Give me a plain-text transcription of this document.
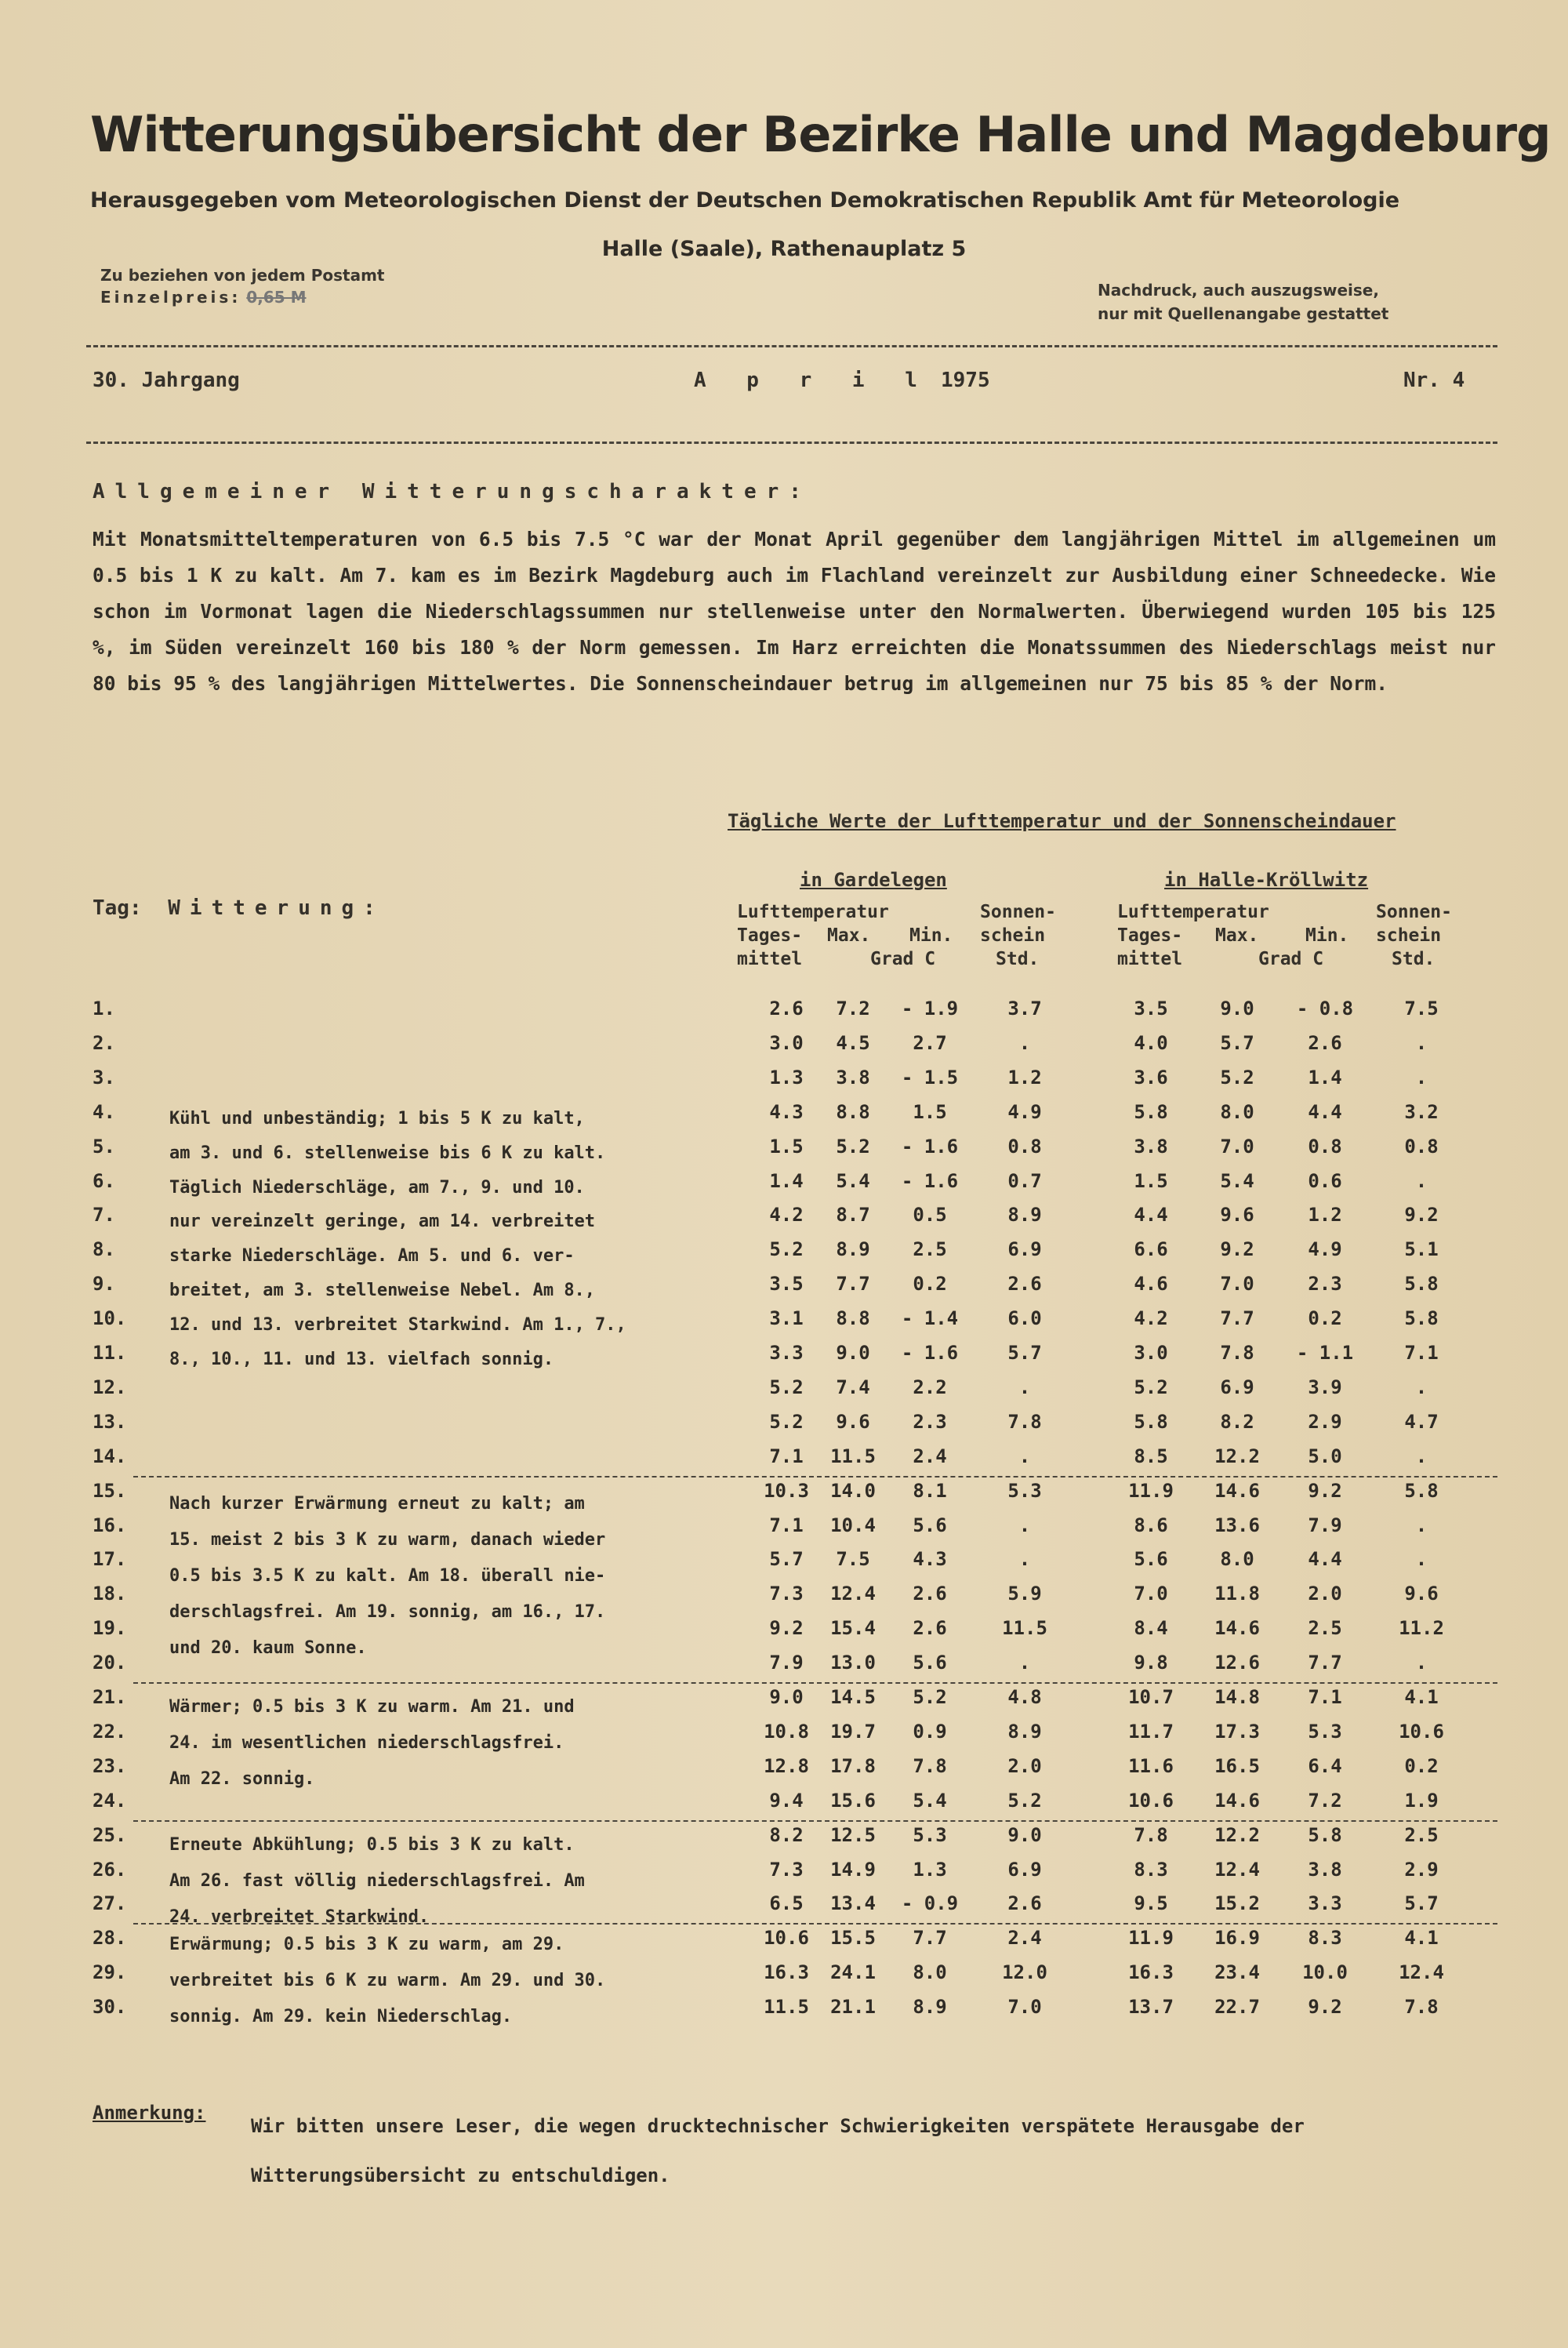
Witterungsübersicht der Bezirke Halle und Magdeburg
Herausgegeben vom Meteorologischen Dienst der Deutschen Demokratischen Republik Amt für Meteorologie
Halle (Saale), Rathenauplatz 5
Zu beziehen von jedem Postamt
Einzelpreis: 0,65 M	Nachdruck, auch auszugsweise,
nur mit Quellenangabe gestattet
30. Jahrgang	A p r i l 1975	Nr. 4
Allgemeiner Witterungscharakter:
Mit Monatsmitteltemperaturen von 6.5 bis 7.5 °C war der Monat April gegenüber dem langjährigen Mittel im allgemeinen um 0.5 bis 1 K zu kalt. Am 7. kam es im Bezirk Magdeburg auch im Flachland vereinzelt zur Ausbildung einer Schneedecke. Wie schon im Vormonat lagen die Niederschlagssummen nur stellenweise unter den Normalwerten. Überwiegend wurden 105 bis 125 %, im Süden vereinzelt 160 bis 180 % der Norm gemessen. Im Harz erreichten die Monatssummen des Niederschlags meist nur 80 bis 95 % des langjährigen Mittelwertes. Die Sonnenscheindauer betrug im allgemeinen nur 75 bis 85 % der Norm.
Tägliche Werte der Lufttemperatur und der Sonnenscheindauer
in Gardelegen	in Halle-Kröllwitz
Tag: Witterung:	Lufttemperatur	Sonnen-
Tages- Max. Min. schein
mittel	Grad C	Std.
Lufttemperatur	Sonnen-
Tages- Max.	Min. schein
mittel	Grad C	Std.
1.	2.6	7.2	- 1.9	3.7	3.5	9.0	- 0.8	7.5
2.	3.0	4.5	2.7	.	4.0	5.7	2.6	.
3.	1.3	3.8	- 1.5	1.2	3.6	5.2	1.4	.
4.	4.3	8.8	1.5	4.9	5.8	8.0	4.4	3.2
5.	1.5	5.2	- 1.6	0.8	3.8	7.0	0.8	0.8
6.	1.4	5.4	- 1.6	0.7	1.5	5.4	0.6	.
7.	4.2	8.7	0.5	8.9	4.4	9.6	1.2	9.2
8.	5.2	8.9	2.5	6.9	6.6	9.2	4.9	5.1
9.	3.5	7.7	0.2	2.6	4.6	7.0	2.3	5.8
10.	3.1	8.8	- 1.4	6.0	4.2	7.7	0.2	5.8
11.	3.3	9.0	- 1.6	5.7	3.0	7.8	- 1.1	7.1
12.	5.2	7.4	2.2	.	5.2	6.9	3.9	.
13.	5.2	9.6	2.3	7.8	5.8	8.2	2.9	4.7
14.	7.1	11.5	2.4	.	8.5	12.2	5.0	.
15.	10.3	14.0	8.1	5.3	11.9	14.6	9.2	5.8
16.	7.1	10.4	5.6	.	8.6	13.6	7.9	.
17.	5.7	7.5	4.3	.	5.6	8.0	4.4	.
18.	7.3	12.4	2.6	5.9	7.0	11.8	2.0	9.6
19.	9.2	15.4	2.6	11.5	8.4	14.6	2.5	11.2
20.	7.9	13.0	5.6	.	9.8	12.6	7.7	.
21.	9.0	14.5	5.2	4.8	10.7	14.8	7.1	4.1
22.	10.8	19.7	0.9	8.9	11.7	17.3	5.3	10.6
23.	12.8	17.8	7.8	2.0	11.6	16.5	6.4	0.2
24.	9.4	15.6	5.4	5.2	10.6	14.6	7.2	1.9
25.	8.2	12.5	5.3	9.0	7.8	12.2	5.8	2.5
26.	7.3	14.9	1.3	6.9	8.3	12.4	3.8	2.9
27.	6.5	13.4	- 0.9	2.6	9.5	15.2	3.3	5.7
28.	10.6	15.5	7.7	2.4	11.9	16.9	8.3	4.1
29.	16.3	24.1	8.0	12.0	16.3	23.4	10.0	12.4
30.	11.5	21.1	8.9	7.0	13.7	22.7	9.2	7.8
Kühl und unbeständig; 1 bis 5 K zu kalt,
am 3. und 6. stellenweise bis 6 K zu kalt.
Täglich Niederschläge, am 7., 9. und 10.
nur vereinzelt geringe, am 14. verbreitet
starke Niederschläge. Am 5. und 6. ver-
breitet, am 3. stellenweise Nebel. Am 8.,
12. und 13. verbreitet Starkwind. Am 1., 7.,
8., 10., 11. und 13. vielfach sonnig.
Nach kurzer Erwärmung erneut zu kalt; am
15. meist 2 bis 3 K zu warm, danach wieder
0.5 bis 3.5 K zu kalt. Am 18. überall nie-
derschlagsfrei. Am 19. sonnig, am 16., 17.
und 20. kaum Sonne.
Wärmer; 0.5 bis 3 K zu warm. Am 21. und
24. im wesentlichen niederschlagsfrei.
Am 22. sonnig.
Erneute Abkühlung; 0.5 bis 3 K zu kalt.
Am 26. fast völlig niederschlagsfrei. Am
24. verbreitet Starkwind.
Erwärmung; 0.5 bis 3 K zu warm, am 29.
verbreitet bis 6 K zu warm. Am 29. und 30.
sonnig. Am 29. kein Niederschlag.
Anmerkung:
Wir bitten unsere Leser, die wegen drucktechnischer Schwierigkeiten verspätete Herausgabe der Witterungsübersicht zu entschuldigen.
